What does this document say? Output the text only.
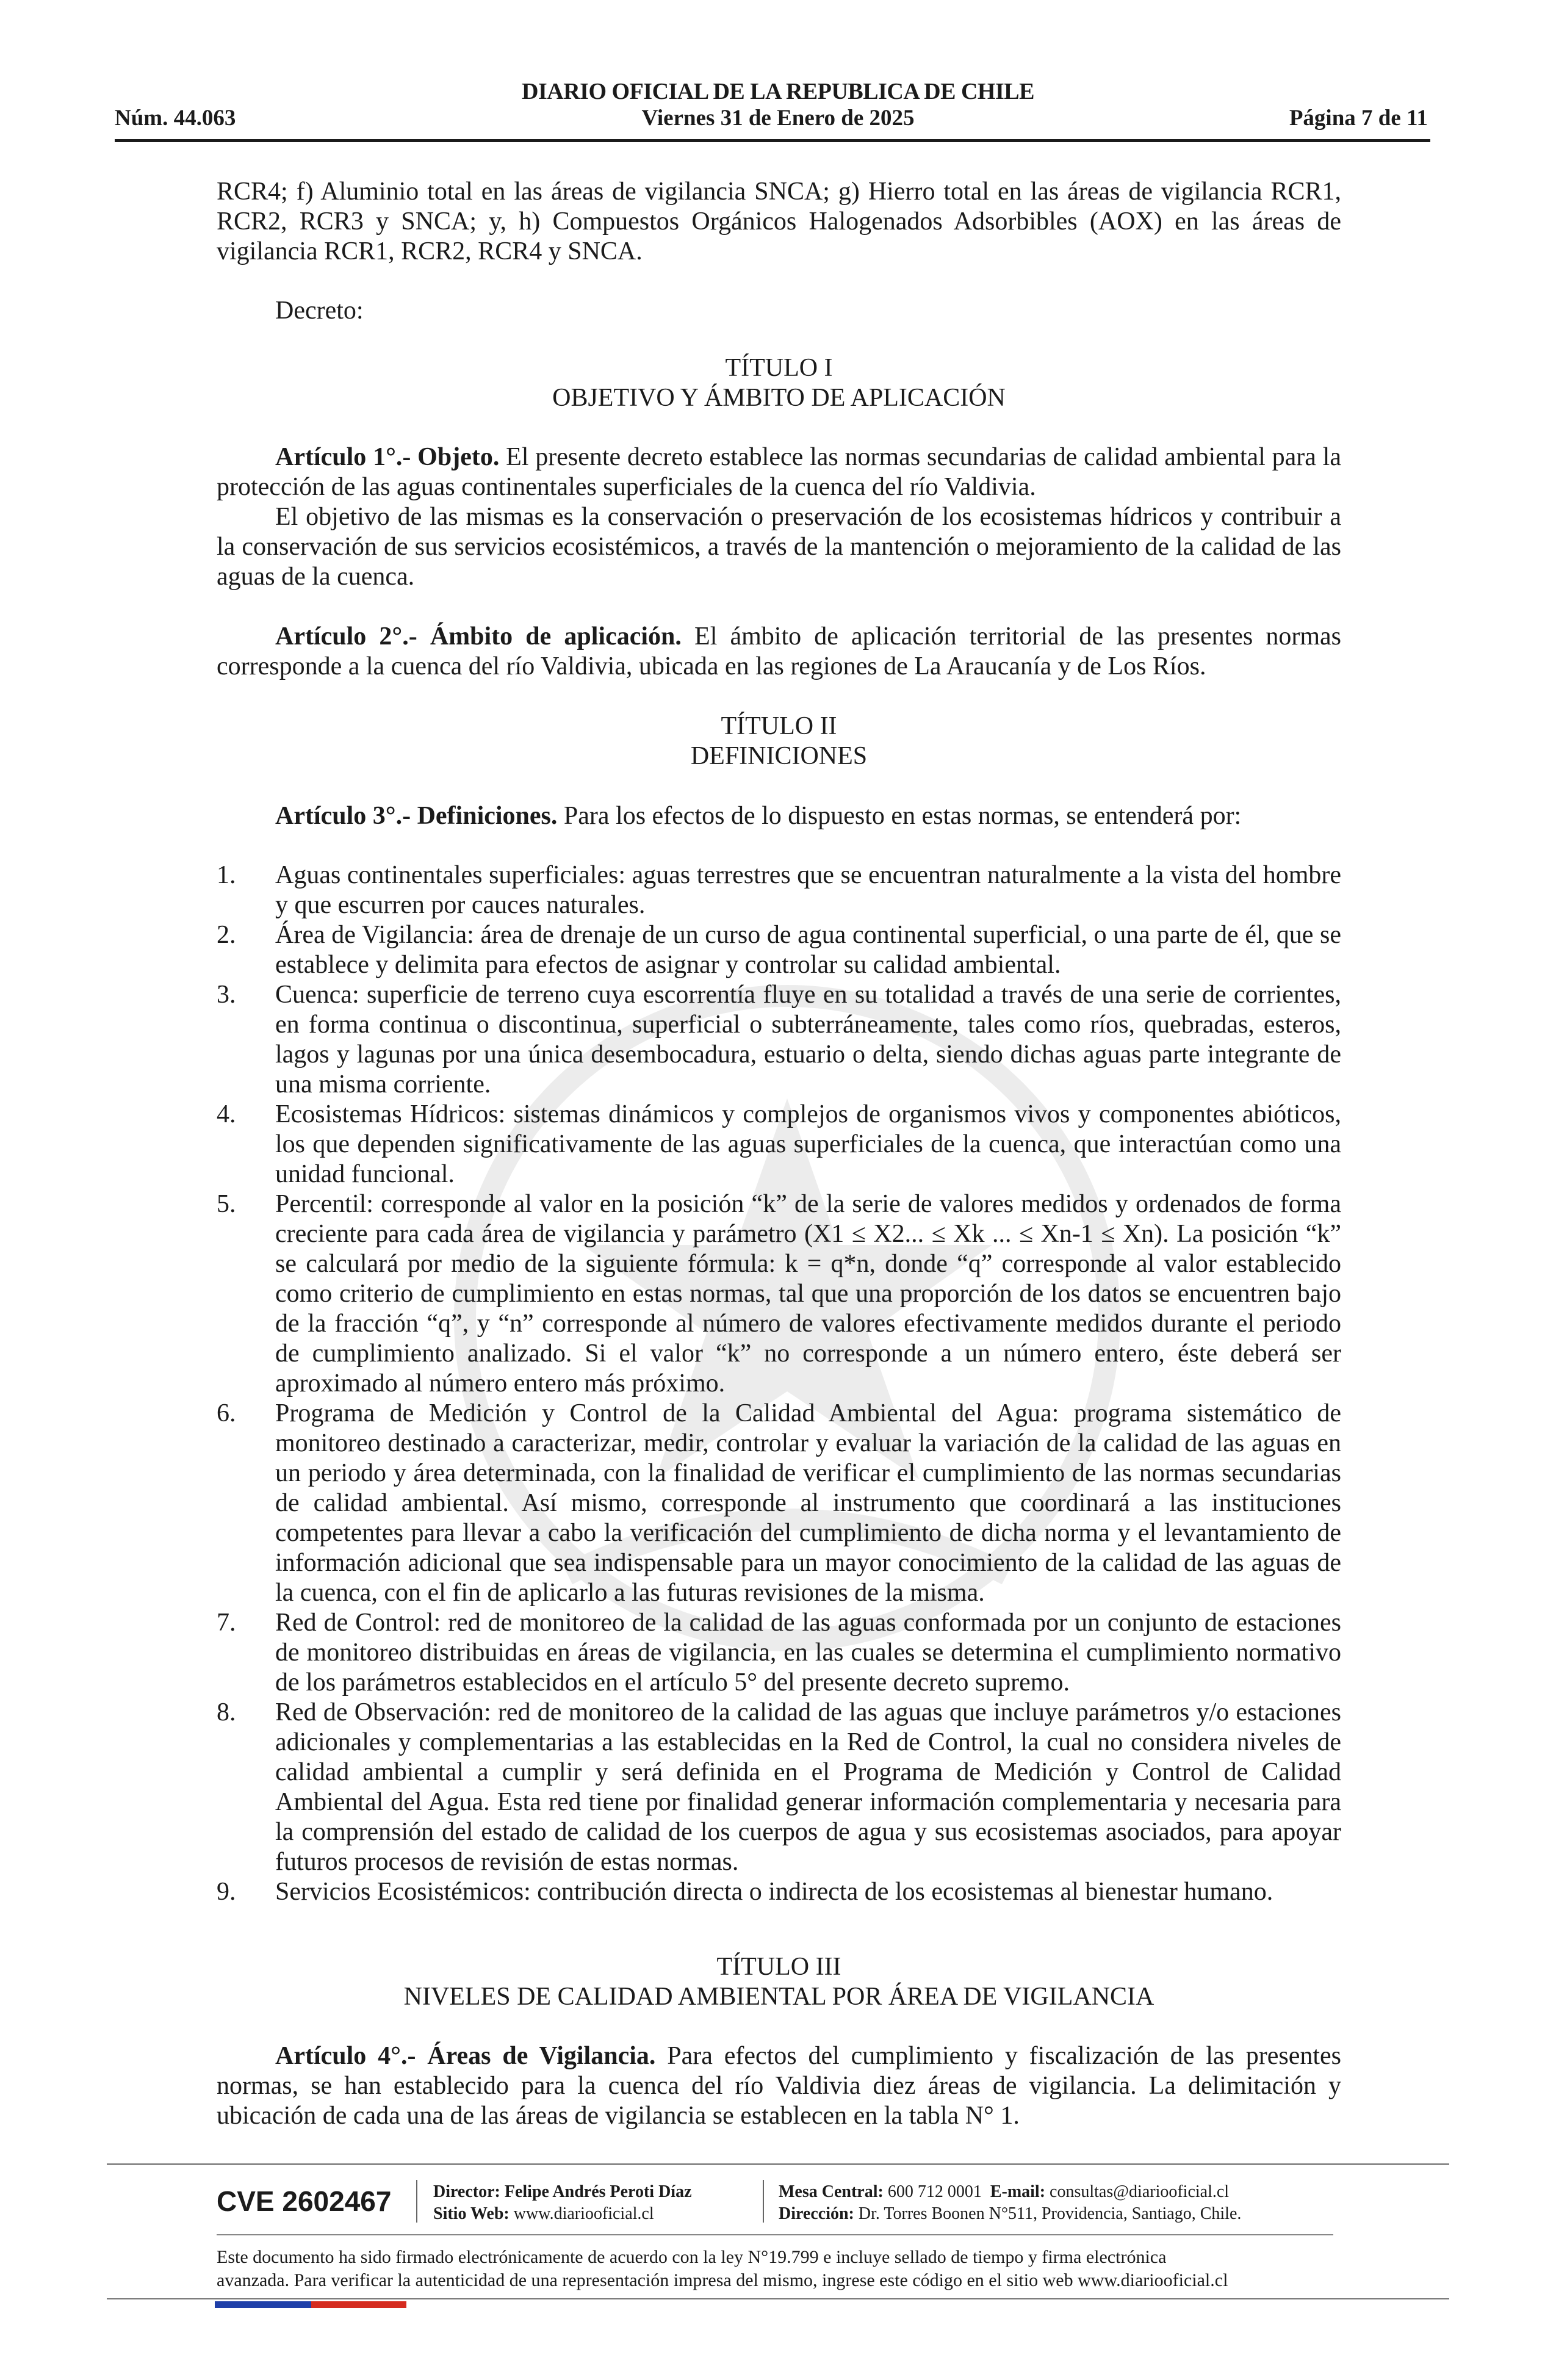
Núm. 44.063
DIARIO OFICIAL DE LA REPUBLICA DE CHILE
Viernes 31 de Enero de 2025	Página 7 de 11

RCR4; f) Aluminio total en las áreas de vigilancia SNCA; g) Hierro total en las áreas de vigilancia RCR1, RCR2, RCR3 y SNCA; y, h) Compuestos Orgánicos Halogenados Adsorbibles (AOX) en las áreas de vigilancia RCR1, RCR2, RCR4 y SNCA.

Decreto:

TÍTULO I
OBJETIVO Y ÁMBITO DE APLICACIÓN

Artículo 1°.- Objeto. El presente decreto establece las normas secundarias de calidad ambiental para la protección de las aguas continentales superficiales de la cuenca del río Valdivia.

El objetivo de las mismas es la conservación o preservación de los ecosistemas hídricos y contribuir a la conservación de sus servicios ecosistémicos, a través de la mantención o mejoramiento de la calidad de las aguas de la cuenca.

Artículo 2°.- Ámbito de aplicación. El ámbito de aplicación territorial de las presentes normas corresponde a la cuenca del río Valdivia, ubicada en las regiones de La Araucanía y de Los Ríos.

TÍTULO II
DEFINICIONES

Artículo 3°.- Definiciones. Para los efectos de lo dispuesto en estas normas, se entenderá por:

1. Aguas continentales superficiales: aguas terrestres que se encuentran naturalmente a la vista del hombre y que escurren por cauces naturales.
2. Área de Vigilancia: área de drenaje de un curso de agua continental superficial, o una parte de él, que se establece y delimita para efectos de asignar y controlar su calidad ambiental.
3. Cuenca: superficie de terreno cuya escorrentía fluye en su totalidad a través de una serie de corrientes, en forma continua o discontinua, superficial o subterráneamente, tales como ríos, quebradas, esteros, lagos y lagunas por una única desembocadura, estuario o delta, siendo dichas aguas parte integrante de una misma corriente.
4. Ecosistemas Hídricos: sistemas dinámicos y complejos de organismos vivos y componentes abióticos, los que dependen significativamente de las aguas superficiales de la cuenca, que interactúan como una unidad funcional.
5. Percentil: corresponde al valor en la posición “k” de la serie de valores medidos y ordenados de forma creciente para cada área de vigilancia y parámetro (X1 ≤ X2... ≤ Xk ... ≤ Xn-1 ≤ Xn). La posición “k” se calculará por medio de la siguiente fórmula: k = q*n, donde “q” corresponde al valor establecido como criterio de cumplimiento en estas normas, tal que una proporción de los datos se encuentren bajo de la fracción “q”, y “n” corresponde al número de valores efectivamente medidos durante el periodo de cumplimiento analizado. Si el valor “k” no corresponde a un número entero, éste deberá ser aproximado al número entero más próximo.
6. Programa de Medición y Control de la Calidad Ambiental del Agua: programa sistemático de monitoreo destinado a caracterizar, medir, controlar y evaluar la variación de la calidad de las aguas en un periodo y área determinada, con la finalidad de verificar el cumplimiento de las normas secundarias de calidad ambiental. Así mismo, corresponde al instrumento que coordinará a las instituciones competentes para llevar a cabo la verificación del cumplimiento de dicha norma y el levantamiento de información adicional que sea indispensable para un mayor conocimiento de la calidad de las aguas de la cuenca, con el fin de aplicarlo a las futuras revisiones de la misma.
7. Red de Control: red de monitoreo de la calidad de las aguas conformada por un conjunto de estaciones de monitoreo distribuidas en áreas de vigilancia, en las cuales se determina el cumplimiento normativo de los parámetros establecidos en el artículo 5° del presente decreto supremo.
8. Red de Observación: red de monitoreo de la calidad de las aguas que incluye parámetros y/o estaciones adicionales y complementarias a las establecidas en la Red de Control, la cual no considera niveles de calidad ambiental a cumplir y será definida en el Programa de Medición y Control de Calidad Ambiental del Agua. Esta red tiene por finalidad generar información complementaria y necesaria para la comprensión del estado de calidad de los cuerpos de agua y sus ecosistemas asociados, para apoyar futuros procesos de revisión de estas normas.
9. Servicios Ecosistémicos: contribución directa o indirecta de los ecosistemas al bienestar humano.
TÍTULO III
NIVELES DE CALIDAD AMBIENTAL POR ÁREA DE VIGILANCIA

Artículo 4°.- Áreas de Vigilancia. Para efectos del cumplimiento y fiscalización de las presentes normas, se han establecido para la cuenca del río Valdivia diez áreas de vigilancia. La delimitación y ubicación de cada una de las áreas de vigilancia se establecen en la tabla N° 1.

CVE 2602467 Director: Felipe Andrés Peroti Díaz
Sitio Web: www.diariooficial.cl
Mesa Central: 600 712 0001 E-mail: consultas@diariooficial.cl
Dirección: Dr. Torres Boonen N°511, Providencia, Santiago, Chile.
Este documento ha sido firmado electrónicamente de acuerdo con la ley N°19.799 e incluye sellado de tiempo y firma electrónica
avanzada. Para verificar la autenticidad de una representación impresa del mismo, ingrese este código en el sitio web www.diariooficial.cl
